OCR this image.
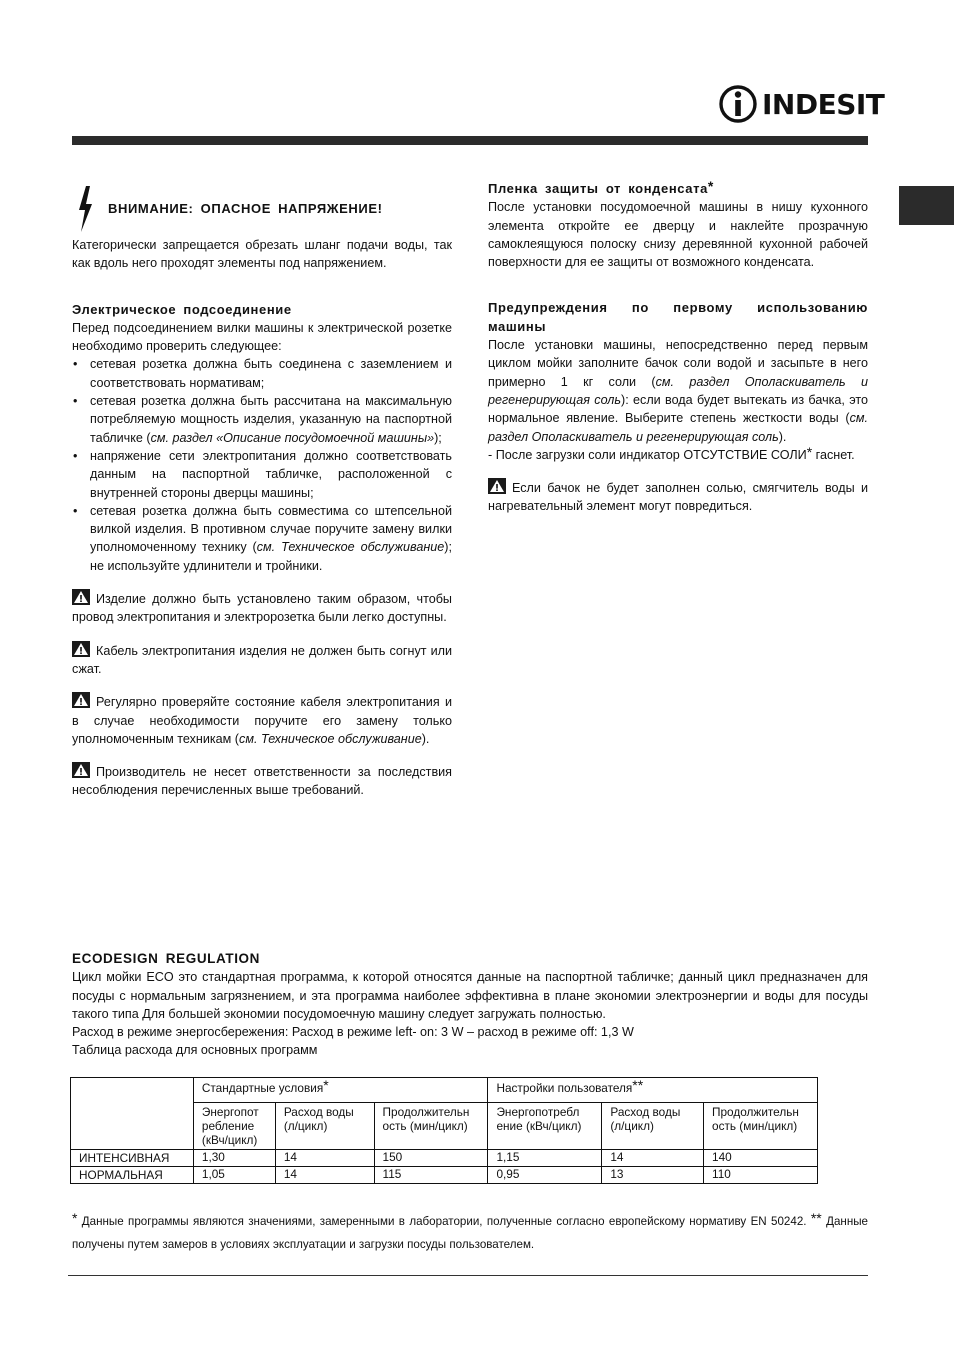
INDESIT
ВНИМАНИЕ: ОПАСНОЕ НАПРЯЖЕНИЕ!

Категорически запрещается обрезать шланг подачи воды, так как вдоль него проходят элементы под напряжением.

Электрическое подсоединение

Перед подсоединением вилки машины к электрической розетке необходимо проверить следующее:

• сетевая розетка должна быть соединена с заземлением и соответствовать нормативам;
• сетевая розетка должна быть рассчитана на максимальную потребляемую мощность изделия, указанную на паспортной табличке (см. раздел «Описание посудомоечной машины»);
• напряжение сети электропитания должно соответствовать данным на паспортной табличке, расположенной с внутренней стороны дверцы машины;
• сетевая розетка должна быть совместима со штепсельной вилкой изделия. В противном случае поручите замену вилки уполномоченному технику (см. Техническое обслуживание); не используйте удлинители и тройники.

Изделие должно быть установлено таким образом, чтобы провод электропитания и электророзетка были легко доступны.

Кабель электропитания изделия не должен быть согнут или сжат.

Регулярно проверяйте состояние кабеля электропитания и в случае необходимости поручите его замену только уполномоченным техникам (см. Техническое обслуживание).

Производитель не несет ответственности за последствия несоблюдения перечисленных выше требований.

Пленка защиты от конденсата*

После установки посудомоечной машины в нишу кухонного элемента откройте ее дверцу и наклейте прозрачную самоклеящуюся полоску снизу деревянной кухонной рабочей поверхности для ее защиты от возможного конденсата.

Предупреждения по первому использованию машины

После установки машины, непосредственно перед первым циклом мойки заполните бачок соли водой и засыпьте в него примерно 1 кг соли (см. раздел Ополаскиватель и регенерирующая соль): если вода будет вытекать из бачка, это нормальное явление. Выберите степень жесткости воды (см. раздел Ополаскиватель и регенерирующая соль).

- После загрузки соли индикатор ОТСУТСТВИЕ СОЛИ* гаснет.

Если бачок не будет заполнен солью, смягчитель воды и нагревательный элемент могут повредиться.

ECODESIGN REGULATION

Цикл мойки ECO это стандартная программа, к которой относятся данные на паспортной табличке; данный цикл предназначен для посуды с нормальным загрязнением, и эта программа наиболее эффективна в плане экономии электроэнергии и воды для посуды такого типа Для большей экономии посудомоечную машину следует загружать полностью.

Расход в режиме энергосбережения: Расход в режиме left- on: 3 W – расход в режиме off: 1,3 W

Таблица расхода для основных программ

	Стандартные условия*			Настройки пользователя**
	Энергопот ребление (кВч/цикл)	Расход воды (л/цикл)	Продолжительн ость (мин/цикл)	Энергопотребл ение (кВч/цикл)	Расход воды (л/цикл)	Продолжительн ость (мин/цикл)
ИНТЕНСИВНАЯ	1,30	14	150	1,15	14	140
НОРМАЛЬНАЯ	1,05	14	115	0,95	13	110
* Данные программы являются значениями, замеренными в лаборатории, полученные согласно европейскому нормативу EN 50242. ** Данные получены путем замеров в условиях эксплуатации и загрузки посуды пользователем.
